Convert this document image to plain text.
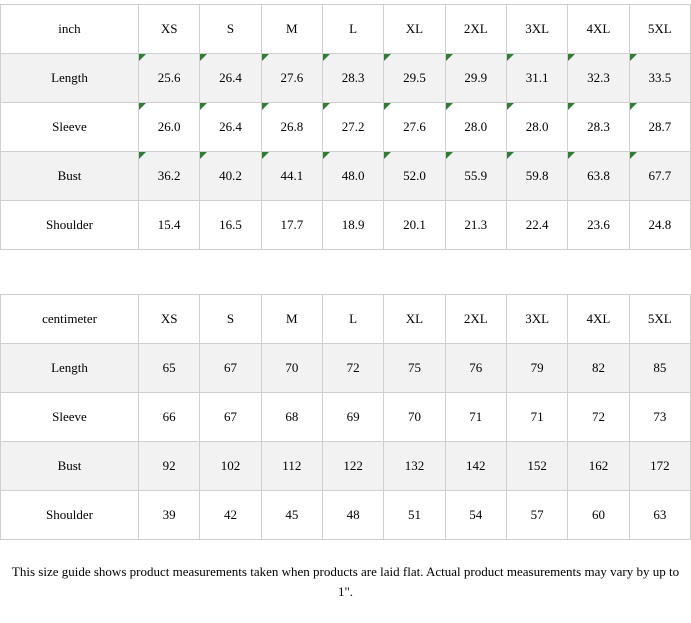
inch	XS	S	M	L	XL	2XL	3XL	4XL	5XL
Length	25.6	26.4	27.6	28.3	29.5	29.9	31.1	32.3	33.5
Sleeve	26.0	26.4	26.8	27.2	27.6	28.0	28.0	28.3	28.7
Bust	36.2	40.2	44.1	48.0	52.0	55.9	59.8	63.8	67.7
Shoulder	15.4	16.5	17.7	18.9	20.1	21.3	22.4	23.6	24.8
centimeter	XS	S	M	L	XL	2XL	3XL	4XL	5XL
Length	65	67	70	72	75	76	79	82	85
Sleeve	66	67	68	69	70	71	71	72	73
Bust	92	102	112	122	132	142	152	162	172
Shoulder	39	42	45	48	51	54	57	60	63
This size guide shows product measurements taken when products are laid flat. Actual product measurements may vary by up to 1".
